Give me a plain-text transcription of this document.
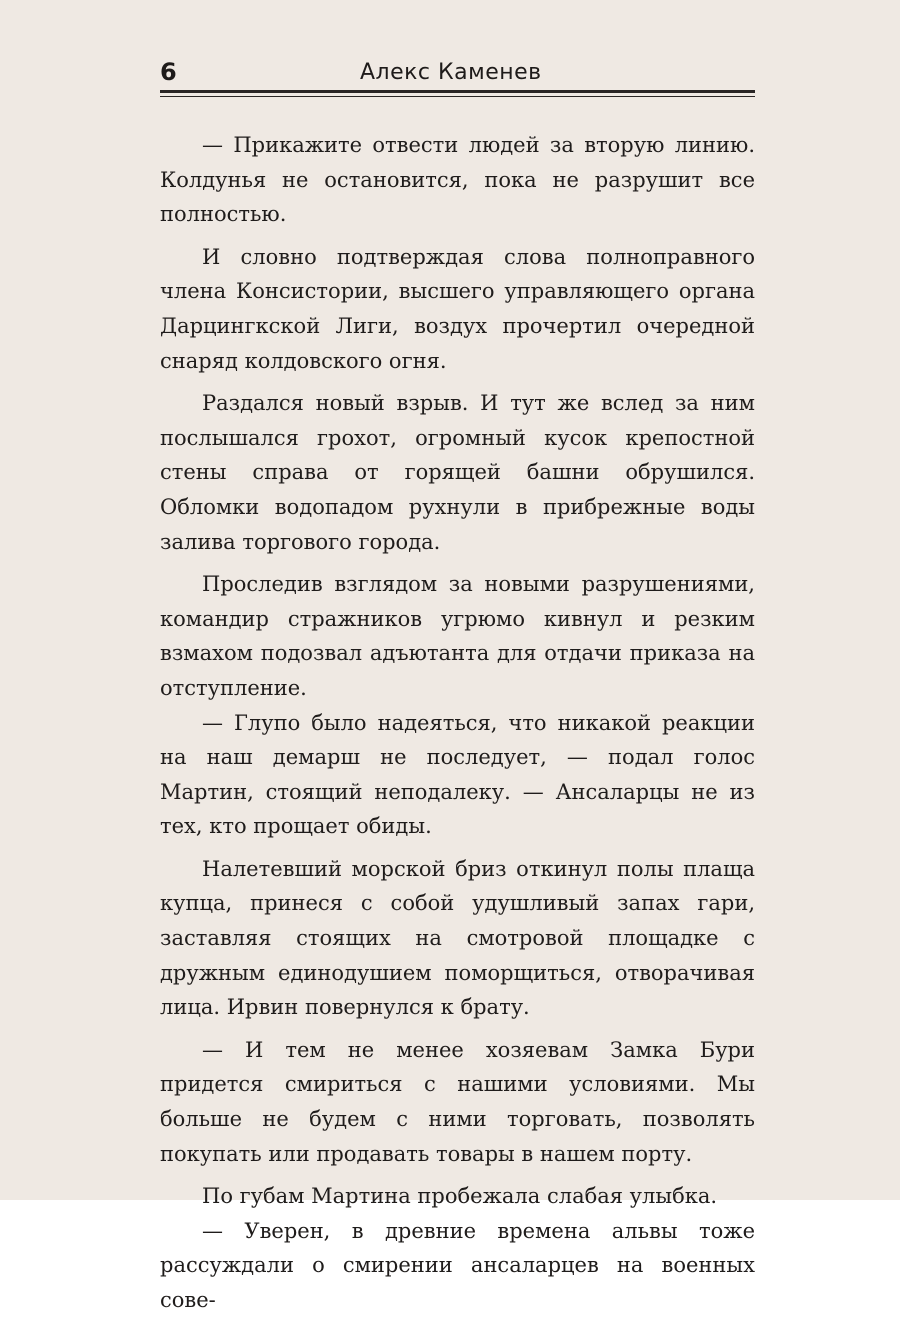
6	Алекс Каменев

— Прикажите отвести людей за вторую линию. Колдунья не остановится, пока не разрушит все полностью.

И словно подтверждая слова полноправного члена Консистории, высшего управляющего органа Дарцингкской Лиги, воздух прочертил очередной снаряд колдовского огня.

Раздался новый взрыв. И тут же вслед за ним послышался грохот, огромный кусок крепостной стены справа от горящей башни обрушился. Обломки водопадом рухнули в прибрежные воды залива торгового города.

Проследив взглядом за новыми разрушениями, командир стражников угрюмо кивнул и резким взмахом подозвал адъютанта для отдачи приказа на отступление.

— Глупо было надеяться, что никакой реакции на наш демарш не последует, — подал голос Мартин, стоящий неподалеку. — Ансаларцы не из тех, кто прощает обиды.

Налетевший морской бриз откинул полы плаща купца, принеся с собой удушливый запах гари, заставляя стоящих на смотровой площадке с дружным единодушием поморщиться, отворачивая лица. Ирвин повернулся к брату.

— И тем не менее хозяевам Замка Бури придется смириться с нашими условиями. Мы больше не будем с ними торговать, позволять покупать или продавать товары в нашем порту.

По губам Мартина пробежала слабая улыбка.

— Уверен, в древние времена альвы тоже рассуждали о смирении ансаларцев на военных сове-
